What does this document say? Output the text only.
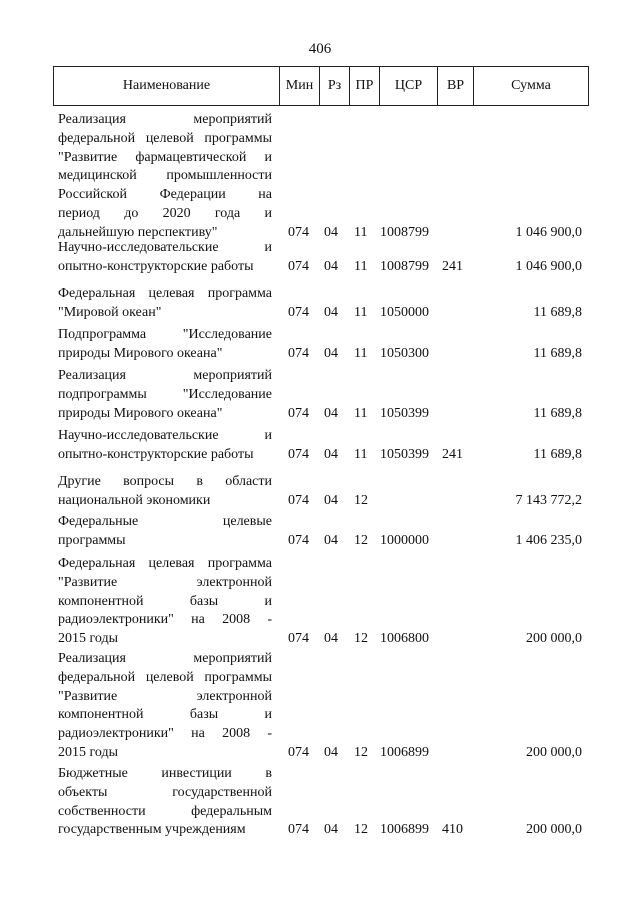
406
Наименование	Мин	Рз	ПР	ЦСР	ВР	Сумма
Реализация мероприятий
федеральной целевой программы
"Развитие фармацевтической и
медицинской промышленности
Российской Федерации на
период до 2020 года и
дальнейшую перспективу"	074 04 11 1008799	1 046 900,0
Научно-исследовательские и
опытно-конструкторские работы	074 04 11 1008799 241	1 046 900,0
Федеральная целевая программа
"Мировой океан"	074 04 11 1050000	11 689,8
Подпрограмма "Исследование
природы Мирового океана"	074 04 11 1050300	11 689,8
Реализация мероприятий
подпрограммы "Исследование
природы Мирового океана"	074 04 11 1050399	11 689,8
Научно-исследовательские и
опытно-конструкторские работы	074 04 11 1050399 241	11 689,8
Другие вопросы в области
национальной экономики	074 04 12	7 143 772,2
Федеральные целевые
программы	074 04 12 1000000	1 406 235,0
Федеральная целевая программа
"Развитие электронной
компонентной базы и
радиоэлектроники" на 2008 -
2015 годы	074 04 12 1006800	200 000,0
Реализация мероприятий
федеральной целевой программы
"Развитие электронной
компонентной базы и
радиоэлектроники" на 2008 -
2015 годы	074 04 12 1006899	200 000,0
Бюджетные инвестиции в
объекты государственной
собственности федеральным
государственным учреждениям	074 04 12 1006899 410	200 000,0
